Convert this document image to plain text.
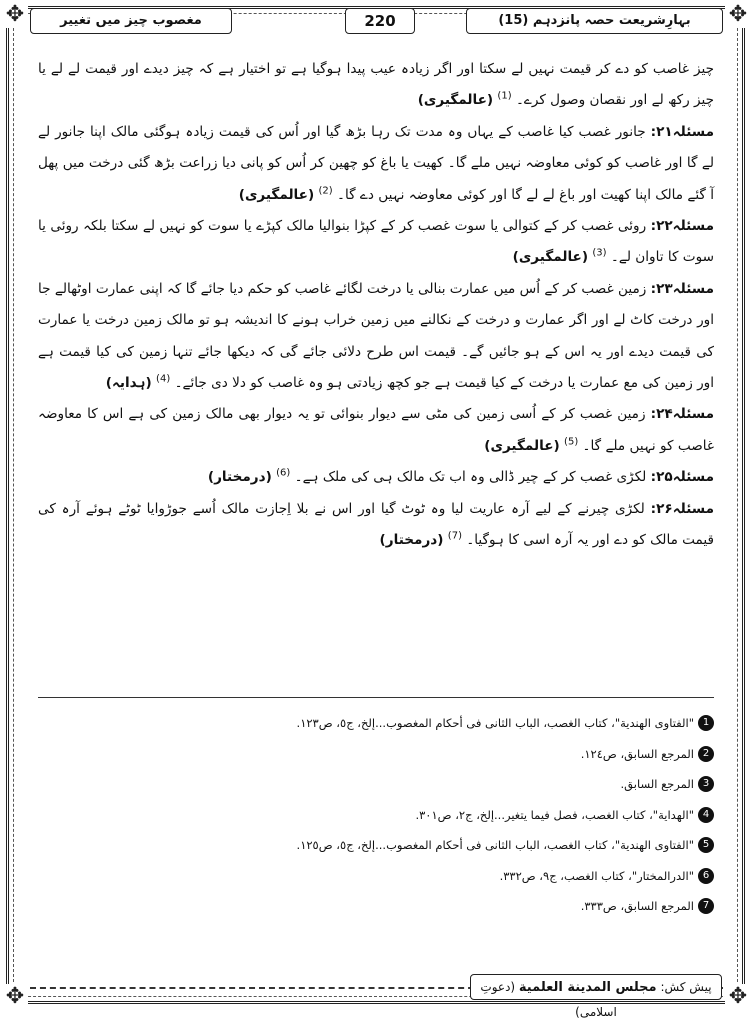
✥	✥
✥	✥
بہارِشریعت حصہ پانزدہم (15)
220
مغصوب چیز میں تغییر

چیز غاصب کو دے کر قیمت نہیں لے سکتا اور اگر زیادہ عیب پیدا ہوگیا ہے تو اختیار ہے کہ چیز دیدے اور قیمت لے لے یا چیز رکھ لے اور نقصان وصول کرے۔ $^{(1)}$ (عالمگیری)

مسئلہ۲۱: جانور غصب کیا غاصب کے یہاں وہ مدت تک رہا بڑھ گیا اور اُس کی قیمت زیادہ ہوگئی مالک اپنا جانور لے لے گا اور غاصب کو کوئی معاوضہ نہیں ملے گا۔ کھیت یا باغ کو چھین کر اُس کو پانی دیا زراعت بڑھ گئی درخت میں پھل آ گئے مالک اپنا کھیت اور باغ لے لے گا اور کوئی معاوضہ نہیں دے گا۔ $^{(2)}$ (عالمگیری)

مسئلہ۲۲: روئی غصب کر کے کتوالی یا سوت غصب کر کے کپڑا بنوالیا مالک کپڑے یا سوت کو نہیں لے سکتا بلکہ روئی یا سوت کا تاوان لے۔ $^{(3)}$ (عالمگیری)

مسئلہ۲۳: زمین غصب کر کے اُس میں عمارت بنالی یا درخت لگائے غاصب کو حکم دیا جائے گا کہ اپنی عمارت اوٹھالے جا اور درخت کاٹ لے اور اگر عمارت و درخت کے نکالنے میں زمین خراب ہونے کا اندیشہ ہو تو مالک زمین درخت یا عمارت کی قیمت دیدے اور یہ اس کے ہو جائیں گے۔ قیمت اس طرح دلائی جائے گی کہ دیکھا جائے تنہا زمین کی کیا قیمت ہے اور زمین کی مع عمارت یا درخت کے کیا قیمت ہے جو کچھ زیادتی ہو وہ غاصب کو دلا دی جائے۔ $^{(4)}$ (ہدایہ)

مسئلہ۲۴: زمین غصب کر کے اُسی زمین کی مٹی سے دیوار بنوائی تو یہ دیوار بھی مالک زمین کی ہے اس کا معاوضہ غاصب کو نہیں ملے گا۔ $^{(5)}$ (عالمگیری)

مسئلہ۲۵: لکڑی غصب کر کے چیر ڈالی وہ اب تک مالک ہی کی ملک ہے۔ $^{(6)}$ (درمختار)

مسئلہ۲۶: لکڑی چیرنے کے لیے آرہ عاریت لیا وہ ٹوٹ گیا اور اس نے بلا اِجازت مالک اُسے جوڑوایا ٹوٹے ہوئے آرہ کی قیمت مالک کو دے اور یہ آرہ اسی کا ہوگیا۔ $^{(7)}$ (درمختار)

1
"الفتاوی الهندیة"، کتاب الغصب، الباب الثانی فی أحکام المغصوب...إلخ، ج٥، ص١٢٣.
2
المرجع السابق، ص١٢٤.
3
المرجع السابق.
4
"الهدایة"، کتاب الغصب، فصل فیما یتغیر...إلخ، ج٢، ص٣٠١.
5
"الفتاوی الهندیة"، کتاب الغصب، الباب الثانی فی أحکام المغصوب...إلخ، ج٥، ص١٢٥.
6
"الدرالمختار"، کتاب الغصب، ج٩، ص٣٣٢.
7
المرجع السابق، ص٣٣٣.
پیش کش: مجلس المدینة العلمیة (دعوتِ اسلامی)
